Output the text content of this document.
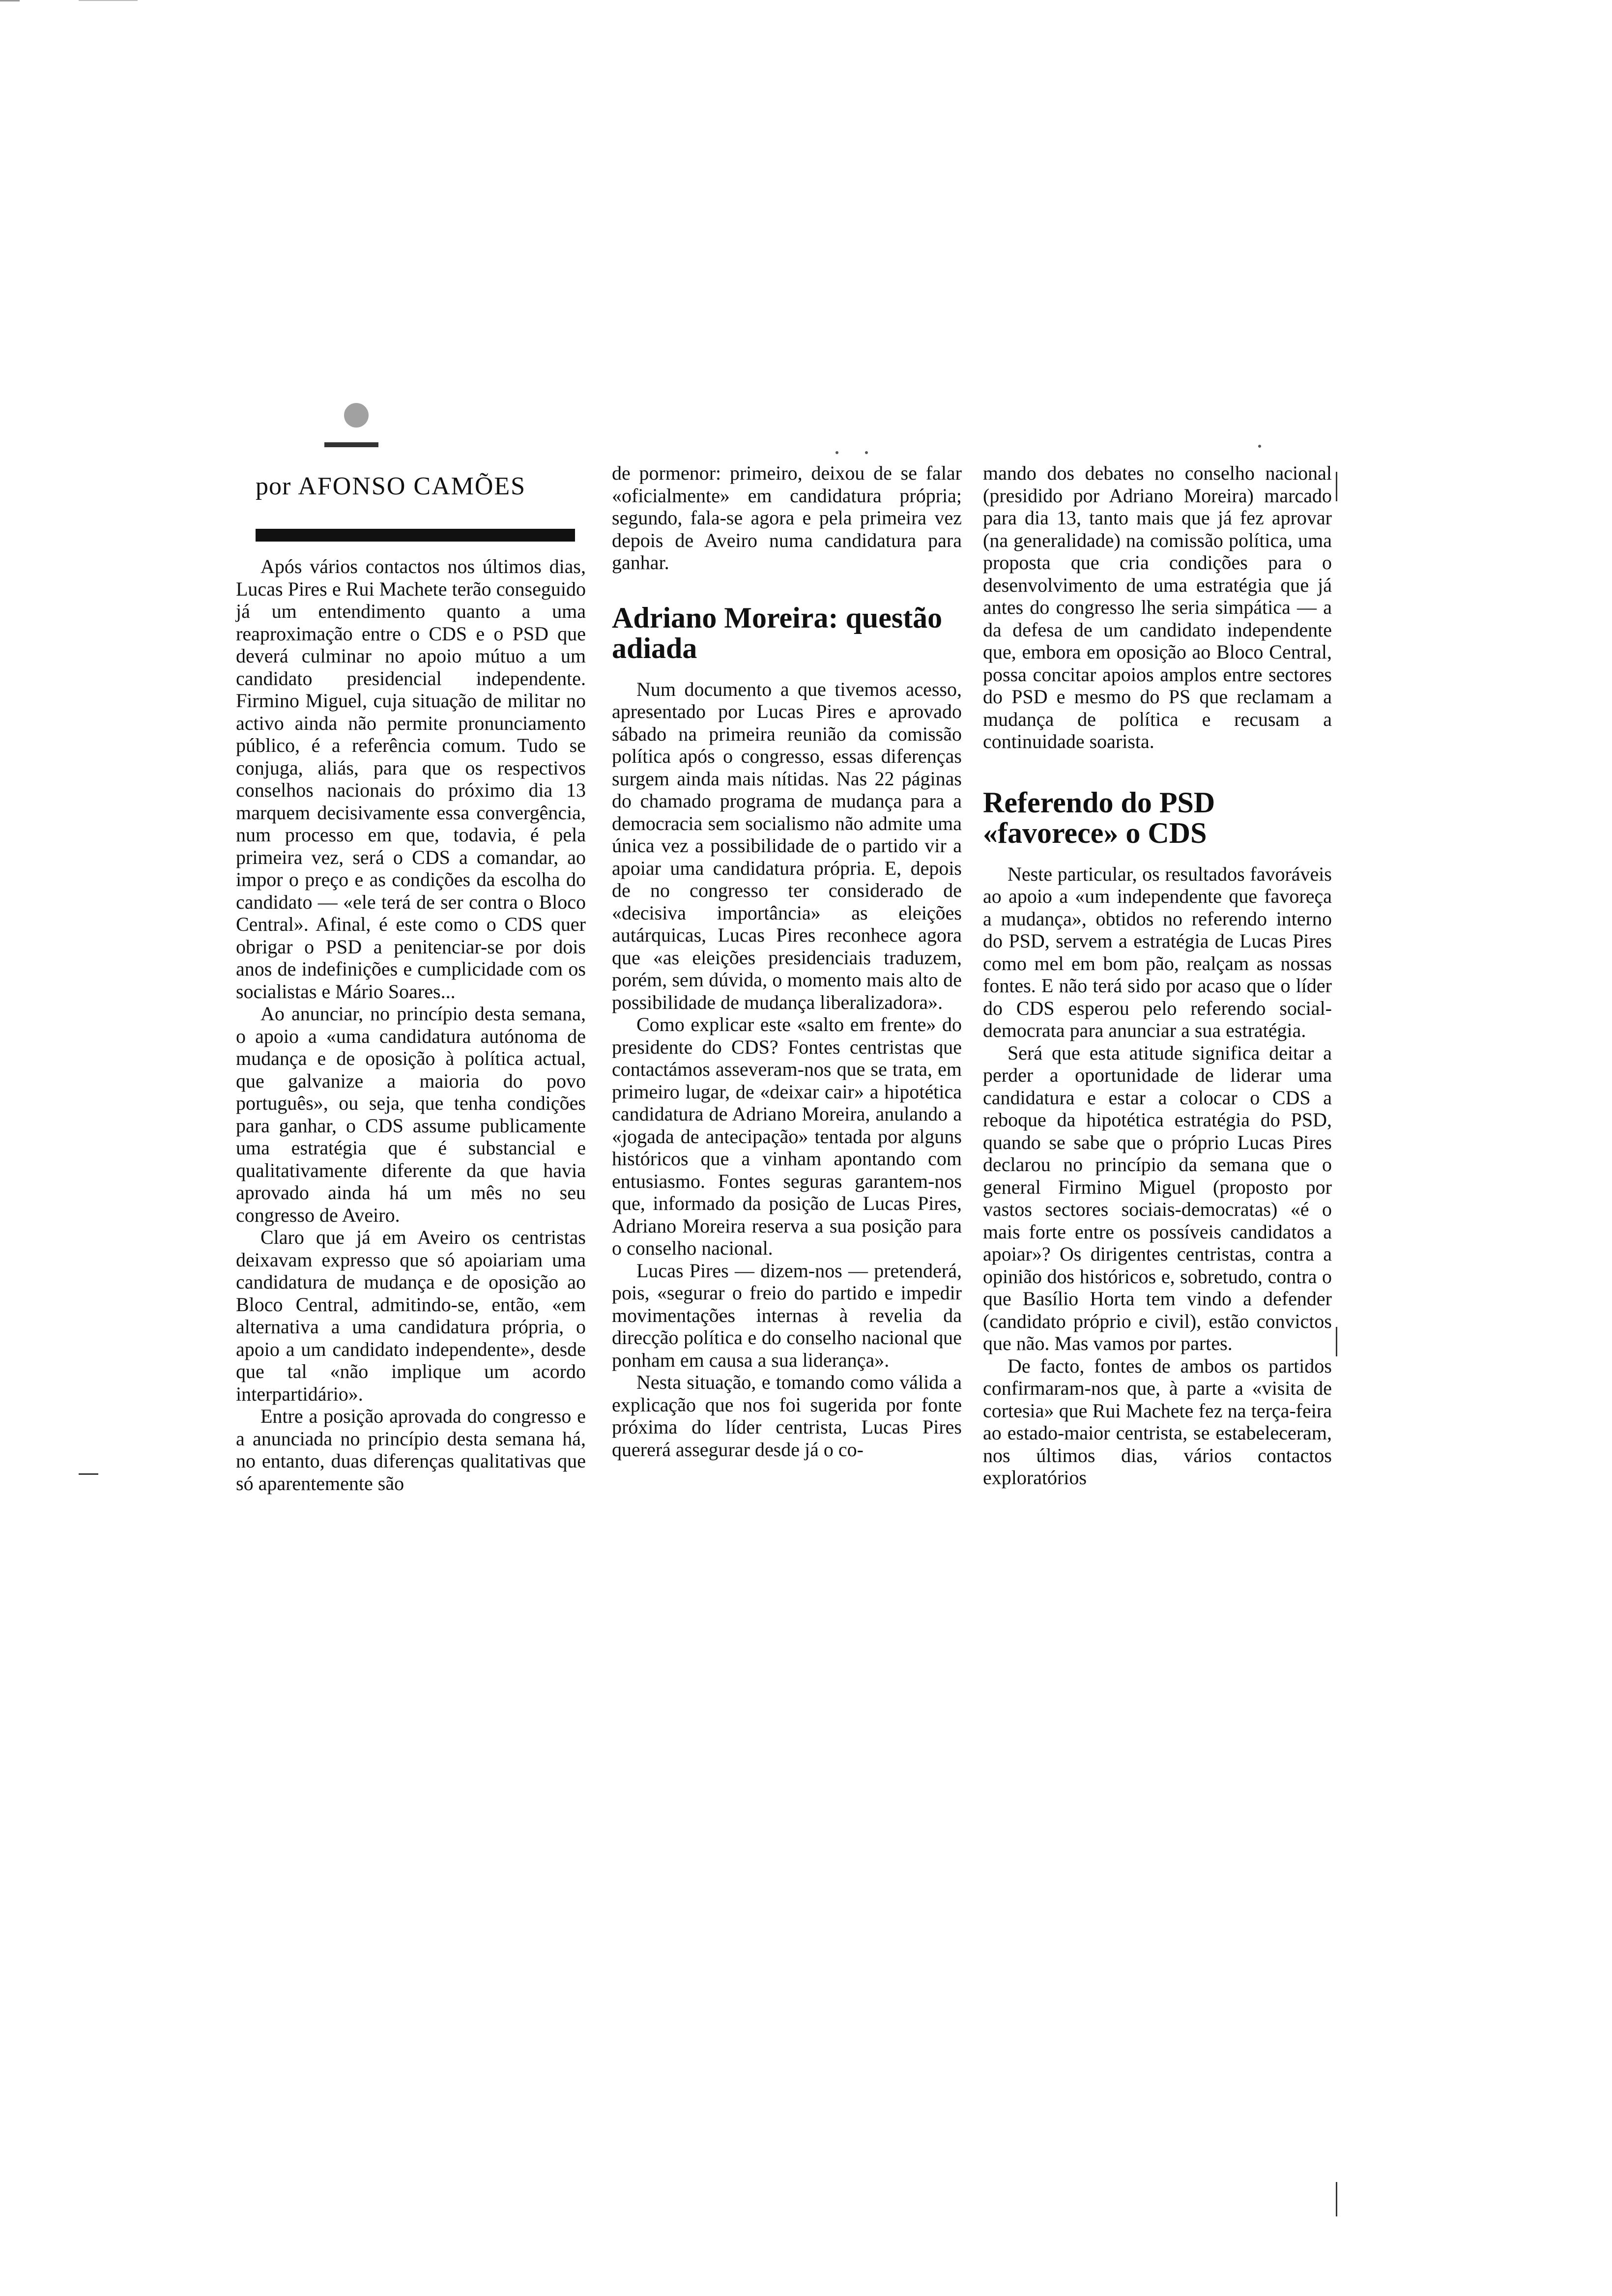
por AFONSO CAMÕES

Após vários contactos nos últimos dias, Lucas Pires e Rui Machete terão conseguido já um entendimento quanto a uma reaproximação entre o CDS e o PSD que deverá culminar no apoio mútuo a um candidato presidencial independente. Firmino Miguel, cuja situação de militar no activo ainda não permite pronunciamento público, é a referência comum. Tudo se conjuga, aliás, para que os respectivos conselhos nacionais do próximo dia 13 marquem decisivamente essa convergência, num processo em que, todavia, é pela primeira vez, será o CDS a comandar, ao impor o preço e as condições da escolha do candidato — «ele terá de ser contra o Bloco Central». Afinal, é este como o CDS quer obrigar o PSD a penitenciar-se por dois anos de indefinições e cumplicidade com os socialistas e Mário Soares...

Ao anunciar, no princípio desta semana, o apoio a «uma candidatura autónoma de mudança e de oposição à política actual, que galvanize a maioria do povo português», ou seja, que tenha condições para ganhar, o CDS assume publicamente uma estratégia que é substancial e qualitativamente diferente da que havia aprovado ainda há um mês no seu congresso de Aveiro.

Claro que já em Aveiro os centristas deixavam expresso que só apoiariam uma candidatura de mudança e de oposição ao Bloco Central, admitindo-se, então, «em alternativa a uma candidatura própria, o apoio a um candidato independente», desde que tal «não implique um acordo interpartidário».

Entre a posição aprovada do congresso e a anunciada no princípio desta semana há, no entanto, duas diferenças qualitativas que só aparentemente são

de pormenor: primeiro, deixou de se falar «oficialmente» em candidatura própria; segundo, fala-se agora e pela primeira vez depois de Aveiro numa candidatura para ganhar.

Adriano Moreira: questão adiada

Num documento a que tivemos acesso, apresentado por Lucas Pires e aprovado sábado na primeira reunião da comissão política após o congresso, essas diferenças surgem ainda mais nítidas. Nas 22 páginas do chamado programa de mudança para a democracia sem socialismo não admite uma única vez a possibilidade de o partido vir a apoiar uma candidatura própria. E, depois de no congresso ter considerado de «decisiva importância» as eleições autárquicas, Lucas Pires reconhece agora que «as eleições presidenciais traduzem, porém, sem dúvida, o momento mais alto de possibilidade de mudança liberalizadora».

Como explicar este «salto em frente» do presidente do CDS? Fontes centristas que contactámos asseveram-nos que se trata, em primeiro lugar, de «deixar cair» a hipotética candidatura de Adriano Moreira, anulando a «jogada de antecipação» tentada por alguns históricos que a vinham apontando com entusiasmo. Fontes seguras garantem-nos que, informado da posição de Lucas Pires, Adriano Moreira reserva a sua posição para o conselho nacional.

Lucas Pires — dizem-nos — pretenderá, pois, «segurar o freio do partido e impedir movimentações internas à revelia da direcção política e do conselho nacional que ponham em causa a sua liderança».

Nesta situação, e tomando como válida a explicação que nos foi sugerida por fonte próxima do líder centrista, Lucas Pires quererá assegurar desde já o co-

mando dos debates no conselho nacional (presidido por Adriano Moreira) marcado para dia 13, tanto mais que já fez aprovar (na generalidade) na comissão política, uma proposta que cria condições para o desenvolvimento de uma estratégia que já antes do congresso lhe seria simpática — a da defesa de um candidato independente que, embora em oposição ao Bloco Central, possa concitar apoios amplos entre sectores do PSD e mesmo do PS que reclamam a mudança de política e recusam a continuidade soarista.

Referendo do PSD «favorece» o CDS

Neste particular, os resultados favoráveis ao apoio a «um independente que favoreça a mudança», obtidos no referendo interno do PSD, servem a estratégia de Lucas Pires como mel em bom pão, realçam as nossas fontes. E não terá sido por acaso que o líder do CDS esperou pelo referendo social-democrata para anunciar a sua estratégia.

Será que esta atitude significa deitar a perder a oportunidade de liderar uma candidatura e estar a colocar o CDS a reboque da hipotética estratégia do PSD, quando se sabe que o próprio Lucas Pires declarou no princípio da semana que o general Firmino Miguel (proposto por vastos sectores sociais-democratas) «é o mais forte entre os possíveis candidatos a apoiar»? Os dirigentes centristas, contra a opinião dos históricos e, sobretudo, contra o que Basílio Horta tem vindo a defender (candidato próprio e civil), estão convictos que não. Mas vamos por partes.

De facto, fontes de ambos os partidos confirmaram-nos que, à parte a «visita de cortesia» que Rui Machete fez na terça-feira ao estado-maior centrista, se estabeleceram, nos últimos dias, vários contactos exploratórios
